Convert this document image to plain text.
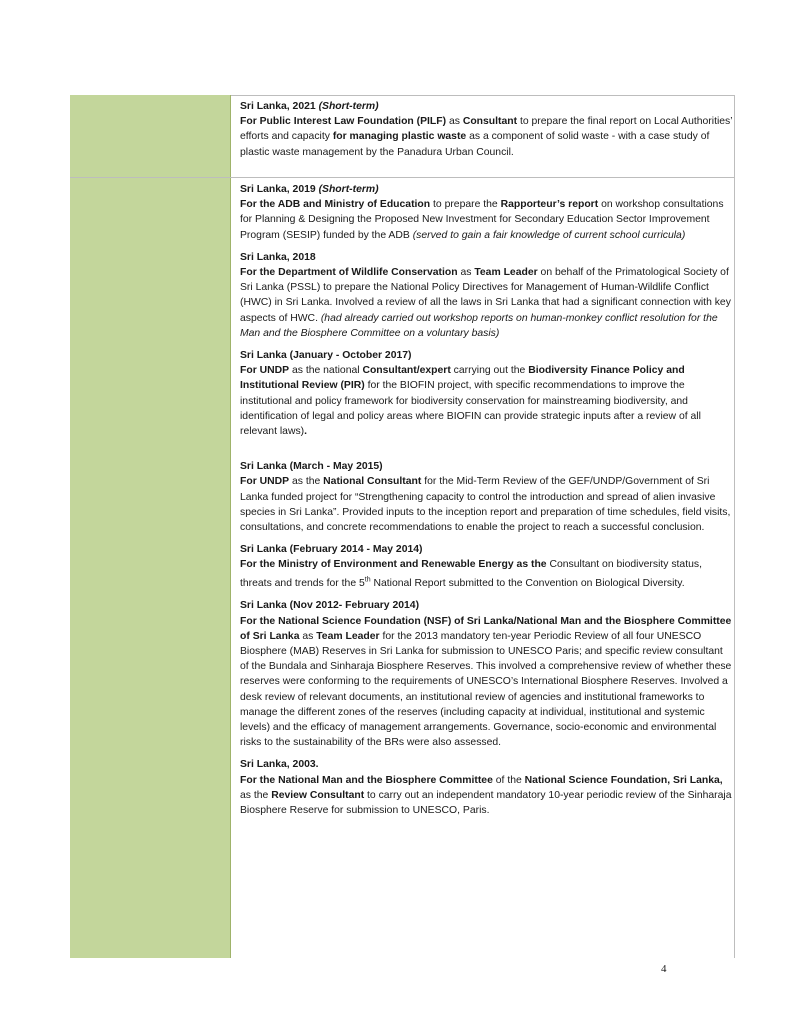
Sri Lanka, 2021 (Short-term)
For Public Interest Law Foundation (PILF) as Consultant to prepare the final report on Local Authorities’ efforts and capacity for managing plastic waste as a component of solid waste - with a case study of plastic waste management by the Panadura Urban Council.
Sri Lanka, 2019 (Short-term)
For the ADB and Ministry of Education to prepare the Rapporteur’s report on workshop consultations for Planning & Designing the Proposed New Investment for Secondary Education Sector Improvement Program (SESIP) funded by the ADB (served to gain a fair knowledge of current school curricula)
Sri Lanka, 2018
For the Department of Wildlife Conservation as Team Leader on behalf of the Primatological Society of Sri Lanka (PSSL) to prepare the National Policy Directives for Management of Human-Wildlife Conflict (HWC) in Sri Lanka. Involved a review of all the laws in Sri Lanka that had a significant connection with key aspects of HWC. (had already carried out workshop reports on human-monkey conflict resolution for the Man and the Biosphere Committee on a voluntary basis)
Sri Lanka (January - October 2017)
For UNDP as the national Consultant/expert carrying out the Biodiversity Finance Policy and Institutional Review (PIR) for the BIOFIN project, with specific recommendations to improve the institutional and policy framework for biodiversity conservation for mainstreaming biodiversity, and identification of legal and policy areas where BIOFIN can provide strategic inputs after a review of all relevant laws).
Sri Lanka (March - May 2015)
For UNDP as the National Consultant for the Mid-Term Review of the GEF/UNDP/Government of Sri Lanka funded project for “Strengthening capacity to control the introduction and spread of alien invasive species in Sri Lanka”. Provided inputs to the inception report and preparation of time schedules, field visits, consultations, and concrete recommendations to enable the project to reach a successful conclusion.
Sri Lanka (February 2014 - May 2014)
For the Ministry of Environment and Renewable Energy as the Consultant on biodiversity status, threats and trends for the 5th National Report submitted to the Convention on Biological Diversity.
Sri Lanka (Nov 2012- February 2014)
For the National Science Foundation (NSF) of Sri Lanka/National Man and the Biosphere Committee of Sri Lanka as Team Leader for the 2013 mandatory ten-year Periodic Review of all four UNESCO Biosphere (MAB) Reserves in Sri Lanka for submission to UNESCO Paris; and specific review consultant of the Bundala and Sinharaja Biosphere Reserves. This involved a comprehensive review of whether these reserves were conforming to the requirements of UNESCO’s International Biosphere Reserves. Involved a desk review of relevant documents, an institutional review of agencies and institutional frameworks to manage the different zones of the reserves (including capacity at individual, institutional and systemic levels) and the efficacy of management arrangements. Governance, socio-economic and environmental risks to the sustainability of the BRs were also assessed.
Sri Lanka, 2003.
For the National Man and the Biosphere Committee of the National Science Foundation, Sri Lanka, as the Review Consultant to carry out an independent mandatory 10-year periodic review of the Sinharaja Biosphere Reserve for submission to UNESCO, Paris.
4
